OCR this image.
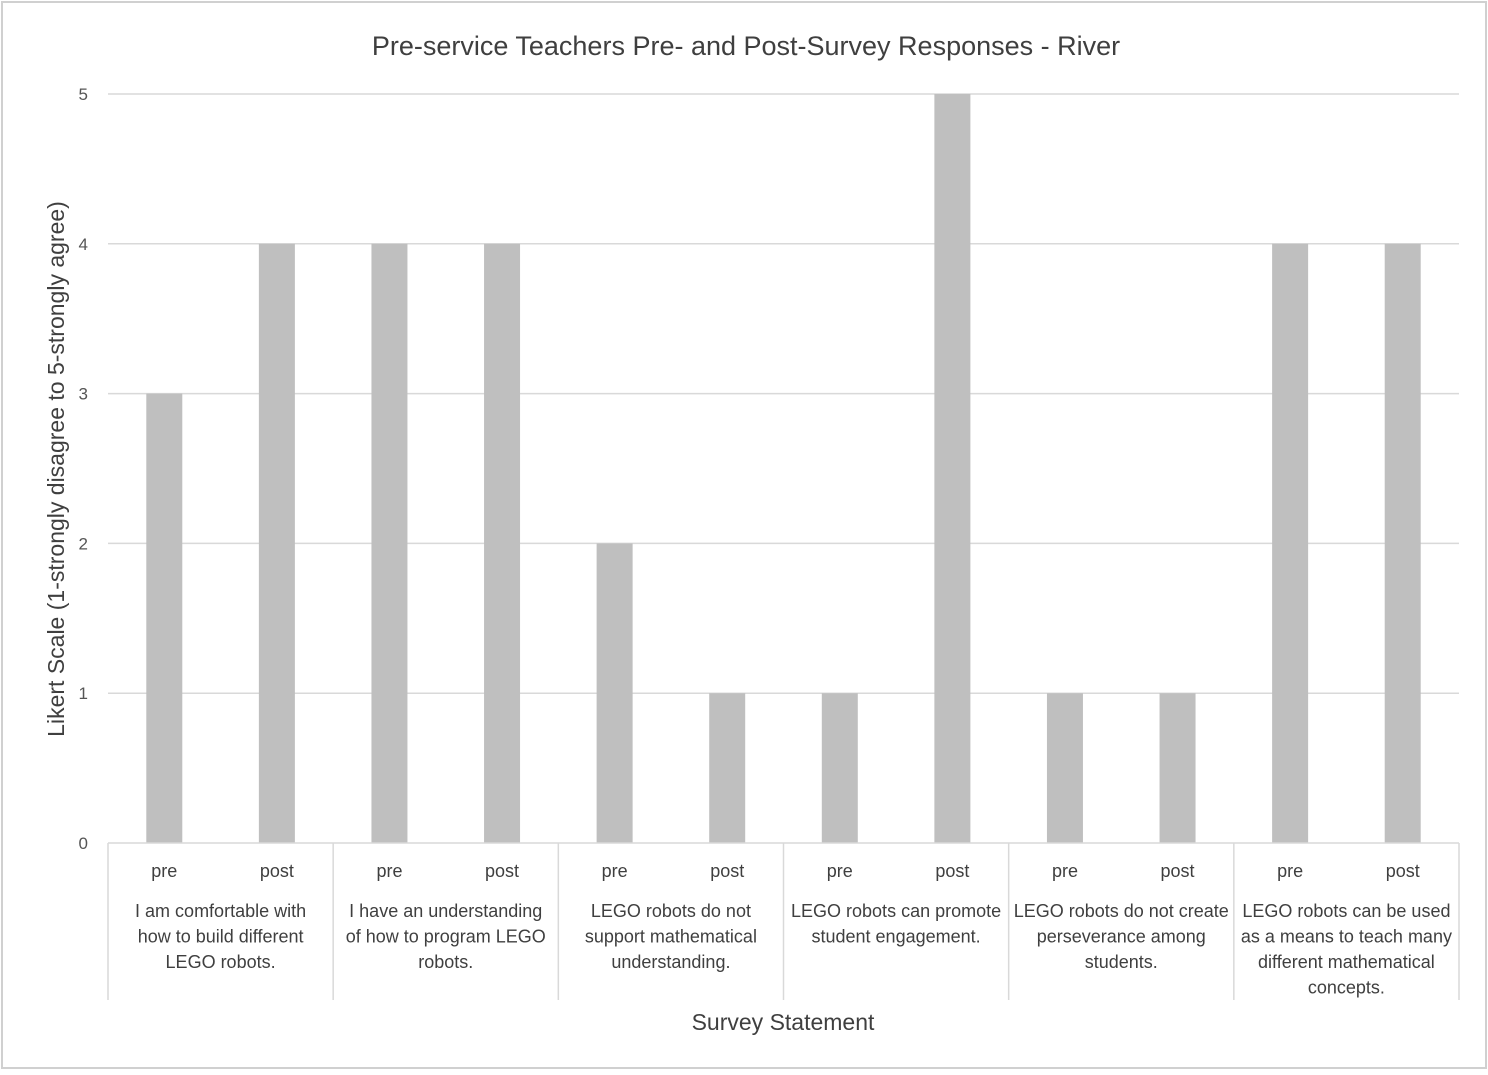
Pre-service Teachers Pre- and Post-Survey Responses - River
0
1
2
3
4
5
pre	post
I am comfortable with
how to build different
LEGO robots.
pre	post
I have an understanding
of how to program LEGO
robots.
pre	post
LEGO robots do not
support mathematical
understanding.
pre	post
LEGO robots can promote
student engagement.
pre	post
LEGO robots do not create
perseverance among
students.
pre	post
LEGO robots can be used
as a means to teach many
different mathematical
concepts.
Likert Scale (1-strongly disagree to 5-strongly agree)
Survey Statement
